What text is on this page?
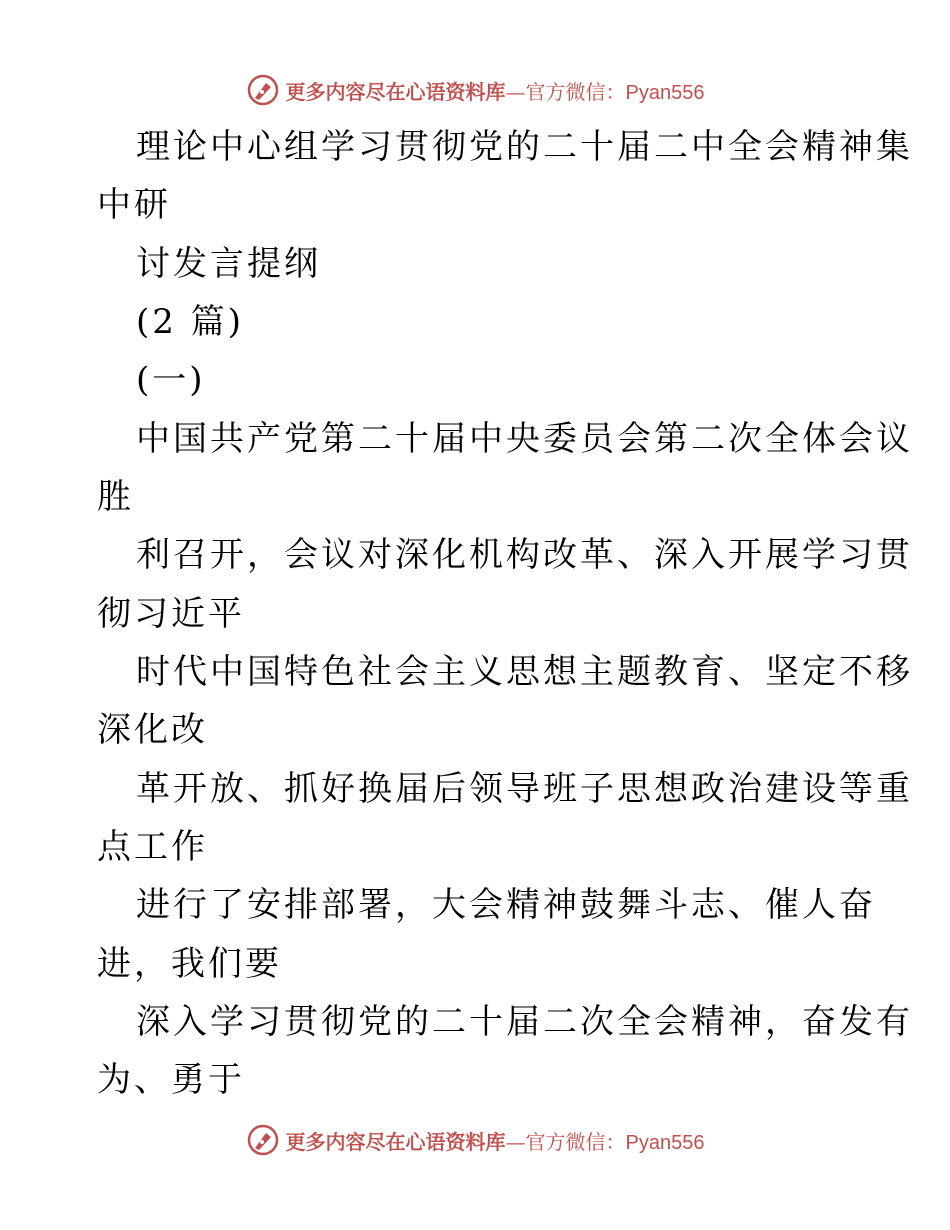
更多内容尽在心语资料库—官方微信：Pyan556
理论中心组学习贯彻党的二十届二中全会精神集
中研
讨发言提纲
(2 篇)
(一)
中国共产党第二十届中央委员会第二次全体会议
胜
利召开，会议对深化机构改革、深入开展学习贯
彻习近平
时代中国特色社会主义思想主题教育、坚定不移
深化改
革开放、抓好换届后领导班子思想政治建设等重
点工作
进行了安排部署，大会精神鼓舞斗志、催人奋
进，我们要
深入学习贯彻党的二十届二次全会精神，奋发有
为、勇于
更多内容尽在心语资料库—官方微信：Pyan556
